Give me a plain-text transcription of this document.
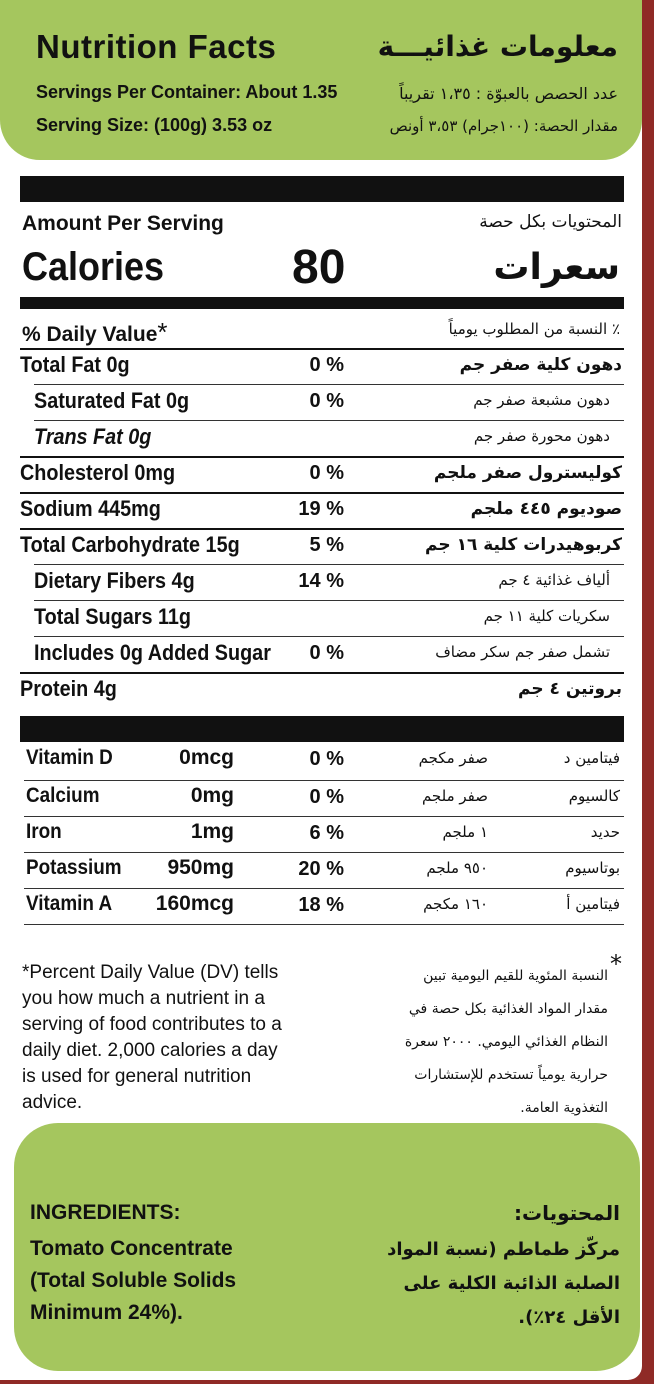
Nutrition Facts	معلومات غذائيـــة
Servings Per Container: About 1.35	عدد الحصص بالعبوّة : ١،٣٥ تقريباً
Serving Size: (100g) 3.53 oz	مقدار الحصة: (١٠٠جرام) ٣،٥٣ أونص
Amount Per Serving	المحتويات بكل حصة
Calories	80	سعرات
% Daily Value*	٪ النسبة من المطلوب يومياً
Total Fat 0g	0 %	دهون كلية صفر جم
Saturated Fat 0g	0 %	دهون مشبعة صفر جم
Trans Fat 0g	دهون محورة صفر جم
Cholesterol 0mg	0 %	كوليسترول صفر ملجم
Sodium 445mg	19 %	صوديوم ٤٤٥ ملجم
Total Carbohydrate 15g	5 %	كربوهيدرات كلية ١٦ جم
Dietary Fibers 4g	14 %	ألياف غذائية ٤ جم
Total Sugars 11g	سكريات كلية ١١ جم
Includes 0g Added Sugar 0 %	تشمل صفر جم سكر مضاف
Protein 4g	بروتين ٤ جم
Vitamin D	0mcg	0 %	صفر مكجم	فيتامين د
Calcium	0mg	0 %	صفر ملجم	كالسيوم
Iron	1mg	6 %	١ ملجم	حديد
Potassium 950mg	20 %	٩٥٠ ملجم	بوتاسيوم
Vitamin A 160mcg	18 %	١٦٠ مكجم	فيتامين أ
*Percent Daily Value (DV) tells
you how much a nutrient in a
serving of food contributes to a
daily diet. 2,000 calories a day
is used for general nutrition
advice.
*
النسبة المئوية للقيم اليومية تبين
مقدار المواد الغذائية بكل حصة في
النظام الغذائي اليومي. ٢٠٠٠ سعرة
حرارية يومياً تستخدم للإستشارات
التغذوية العامة.
INGREDIENTS:
Tomato Concentrate
(Total Soluble Solids
Minimum 24%).
المحتويات:
مركّز طماطم (نسبة المواد
الصلبة الذائبة الكلية على
الأقل ٢٤٪).
